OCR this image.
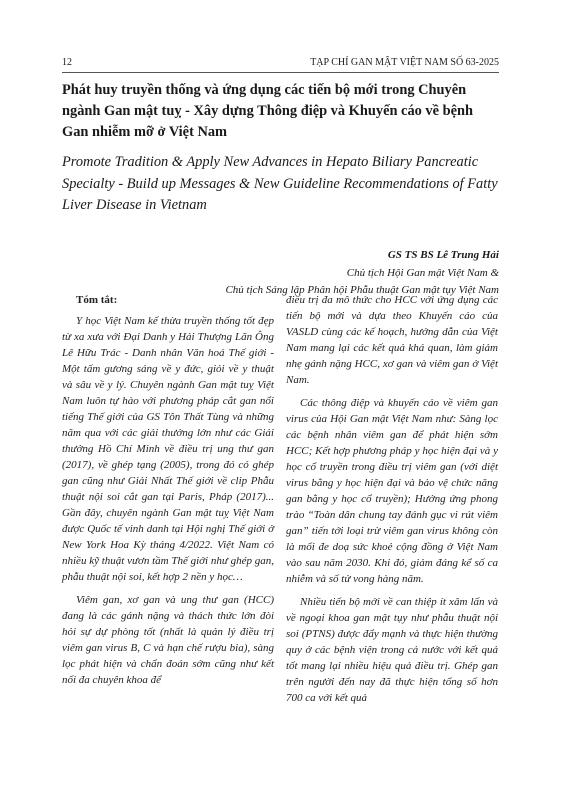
12	TẠP CHÍ GAN MẬT VIỆT NAM SỐ 63-2025
Phát huy truyền thống và ứng dụng các tiến bộ mới trong Chuyên ngành Gan mật tuỵ - Xây dựng Thông điệp và Khuyến cáo về bệnh Gan nhiễm mỡ ở Việt Nam
Promote Tradition & Apply New Advances in Hepato Biliary Pancreatic Specialty - Build up Messages & New Guideline Recommendations of Fatty Liver Disease in Vietnam
GS TS BS Lê Trung Hải
Chủ tịch Hội Gan mật Việt Nam &
Chủ tịch Sáng lập Phân hội Phẫu thuật Gan mật tụy Việt Nam
Tóm tắt:

Y học Việt Nam kế thừa truyền thống tốt đẹp từ xa xưa với Đại Danh y Hải Thượng Lãn Ông Lê Hữu Trác - Danh nhân Văn hoá Thế giới - Một tấm gương sáng về y đức, giỏi về y thuật và sâu về y lý. Chuyên ngành Gan mật tuỵ Việt Nam luôn tự hào với phương pháp cắt gan nổi tiếng Thế giới của GS Tôn Thất Tùng và những năm qua với các giải thưởng lớn như các Giải thưởng Hồ Chí Minh về điều trị ung thư gan (2017), về ghép tạng (2005), trong đó có ghép gan cũng như Giải Nhất Thế giới về clip Phẫu thuật nội soi cắt gan tại Paris, Pháp (2017)... Gần đây, chuyên ngành Gan mật tuỵ Việt Nam được Quốc tế vinh danh tại Hội nghị Thế giới ở New York Hoa Kỳ tháng 4/2022. Việt Nam có nhiều kỹ thuật vươn tầm Thế giới như ghép gan, phẫu thuật nội soi, kết hợp 2 nền y học…

Viêm gan, xơ gan và ung thư gan (HCC) đang là các gánh nặng và thách thức lớn đòi hỏi sự dự phòng tốt (nhất là quản lý điều trị viêm gan virus B, C và hạn chế rượu bia), sàng lọc phát hiện và chẩn đoán sớm cũng như kết nối đa chuyên khoa để

điều trị đa mô thức cho HCC với ứng dụng các tiến bộ mới và dựa theo Khuyến cáo của VASLD cùng các kế hoạch, hướng dẫn của Việt Nam mang lại các kết quả khá quan, làm giảm nhẹ gánh nặng HCC, xơ gan và viêm gan ở Việt Nam.

Các thông điệp và khuyến cáo về viêm gan virus của Hội Gan mật Việt Nam như: Sàng lọc các bệnh nhân viêm gan để phát hiện sớm HCC; Kết hợp phương pháp y học hiện đại và y học cổ truyền trong điều trị viêm gan (với diệt virus bằng y học hiện đại và bảo vệ chức năng gan bằng y học cổ truyền); Hưởng ứng phong trào “Toàn dân chung tay đánh gục vi rút viêm gan” tiến tới loại trừ viêm gan virus không còn là mối đe doạ sức khoẻ cộng đồng ở Việt Nam vào sau năm 2030. Khi đó, giảm đáng kể số ca nhiễm và số tử vong hàng năm.

Nhiều tiến bộ mới về can thiệp ít xâm lấn và về ngoại khoa gan mật tụy như phẫu thuật nội soi (PTNS) được đẩy mạnh và thực hiện thường quy ở các bệnh viện trong cả nước với kết quả tốt mang lại nhiều hiệu quả điều trị. Ghép gan trên người đến nay đã thực hiện tổng số hơn 700 ca với kết quả
